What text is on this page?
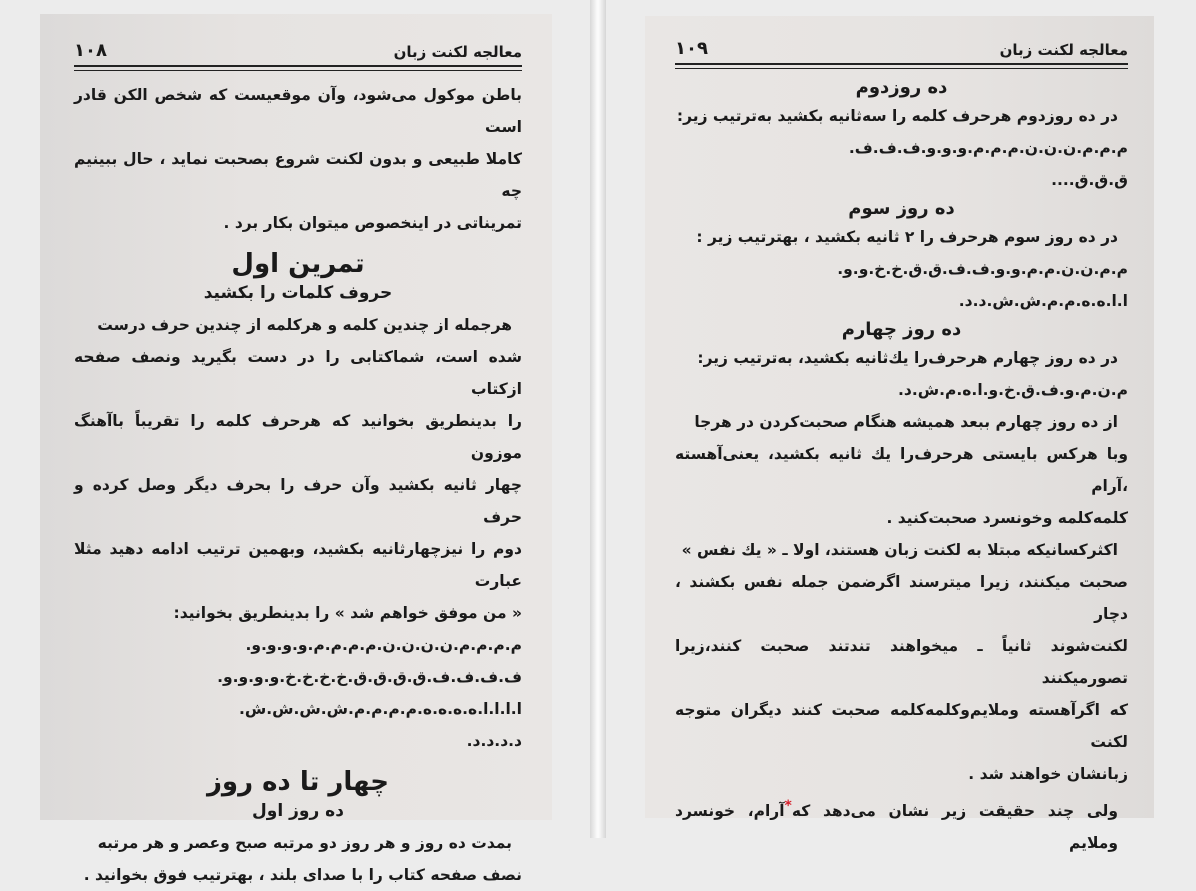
معالجه لکنت زبان
۱۰۸

باطن موکول می‌شود، وآن موقعیست که شخص الکن قادر است

کاملا طبیعی و بدون لکنت شروع بصحبت نماید ، حال ببینیم چه

تمریناتی در اینخصوص میتوان بکار برد .

تمرین اول
حروف کلمات را بکشید

هرجمله از چندین کلمه و هرکلمه از چندین حرف درست

شده است، شماکتابی را در دست بگیرید ونصف صفحه ازکتاب

را بدینطریق بخوانید که هرحرف کلمه را تقریباً باآهنگ موزون

چهار ثانیه بکشید وآن حرف را بحرف دیگر وصل کرده و حرف

دوم را نیزچهارثانیه بکشید، وبهمین ترتیب ادامه دهید مثلا عبارت

« من موفق خواهم شد » را بدینطریق بخوانید:

م.م.م.م.ن.ن.ن.ن.م.م.م.م.و.و.و.و.

ف.ف.ف.ف.ق.ق.ق.ق.خ.خ.خ.خ.و.و.و.و.

ا.ا.ا.ا.ه.ه.ه.ه.م.م.م.م.ش.ش.ش.ش.

د.د.د.د.

چهار تا ده روز
ده روز اول

بمدت ده روز و هر روز دو مرتبه صبح وعصر و هر مرتبه

نصف صفحه کتاب را با صدای بلند ، بهترتیب فوق بخوانید .

معالجه لکنت زبان
۱۰۹
ده روزدوم

در ده روزدوم هرحرف کلمه را سه‌ثانیه بکشید به‌ترتیب زیر:

م.م.م.ن.ن.ن.م.م.م.و.و.و.ف.ف.ف.

ق.ق.ق....

ده روز سوم

در ده روز سوم هرحرف را ۲ ثانیه بکشید ، بهترتیب زیر :

م.م.ن.ن.م.م.و.و.ف.ف.ق.ق.خ.خ.و.و.

ا.ا.ه.ه.م.م.ش.ش.د.د.

ده روز چهارم

در ده روز چهارم هرحرف‌را یك‌ثانیه بکشید، به‌ترتیب زیر:

م.ن.م.و.ف.ق.خ.و.ا.ه.م.ش.د.

از ده روز چهارم ببعد همیشه هنگام صحبت‌کردن در هرجا

وبا هرکس بایستی هرحرف‌را یك ثانیه بکشید، یعنی‌آهسته ،آرام

کلمه‌کلمه وخونسرد صحبت‌کنید .

اکثرکسانیکه مبتلا به لکنت زبان هستند، اولا ـ « یك نفس »

صحبت میکنند، زیرا میترسند اگرضمن جمله نفس بکشند ، دچار

لکنت‌شوند ثانیاً ـ میخواهند تندتند صحبت کنند،زیرا تصورمیکنند

که اگرآهسته وملایم‌وکلمه‌کلمه صحبت کنند دیگران متوجه لکنت

زبانشان خواهند شد .

ولی چند حقیقت زیر نشان می‌دهد که*آرام، خونسرد وملایم
